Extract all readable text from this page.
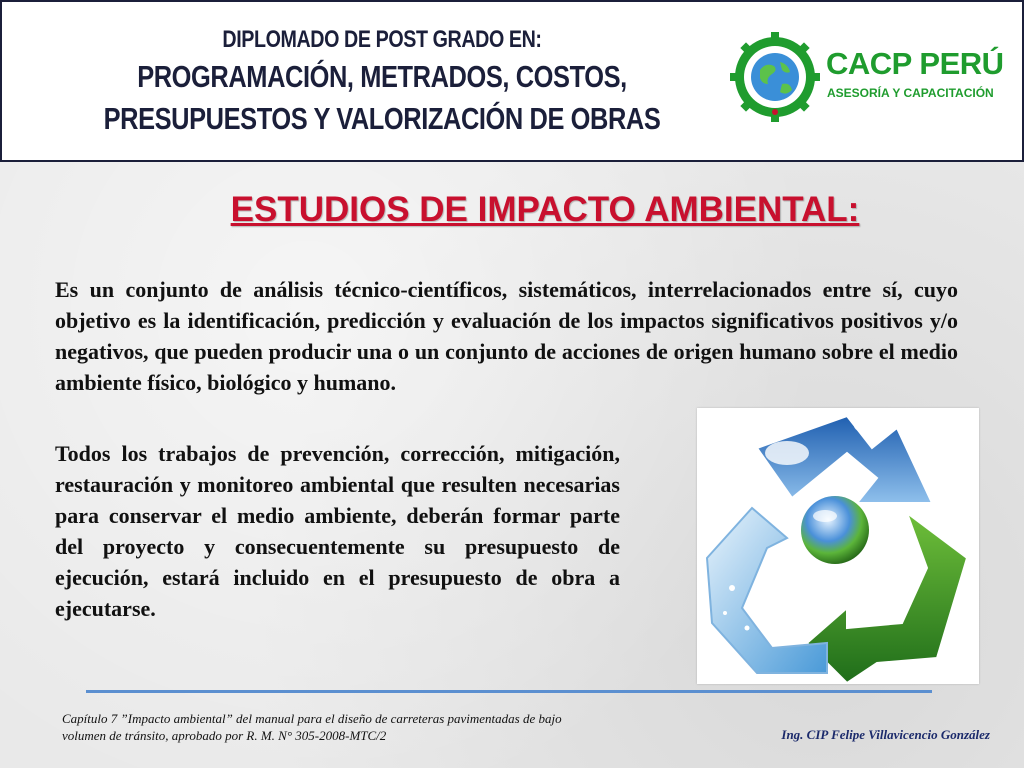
DIPLOMADO DE POST GRADO EN:
PROGRAMACIÓN, METRADOS, COSTOS,
PRESUPUESTOS Y VALORIZACIÓN DE OBRAS
CACP PERÚ
ASESORÍA Y CAPACITACIÓN
ESTUDIOS DE IMPACTO AMBIENTAL:
Es un conjunto de análisis técnico-científicos, sistemáticos, interrelacionados entre sí, cuyo objetivo es la identificación, predicción y evaluación de los impactos significativos positivos y/o negativos, que pueden producir una o un conjunto de acciones de origen humano sobre el medio ambiente físico, biológico y humano.
Todos los trabajos de prevención, corrección, mitigación, restauración y monitoreo ambiental que resulten necesarias para conservar el medio ambiente, deberán formar parte del proyecto y consecuentemente su presupuesto de ejecución, estará incluido en el presupuesto de obra a ejecutarse.
Capítulo 7 ”Impacto ambiental” del manual para el diseño de carreteras pavimentadas de bajo volumen de tránsito, aprobado por R. M. N° 305-2008-MTC/2	Ing. CIP Felipe Villavicencio González
